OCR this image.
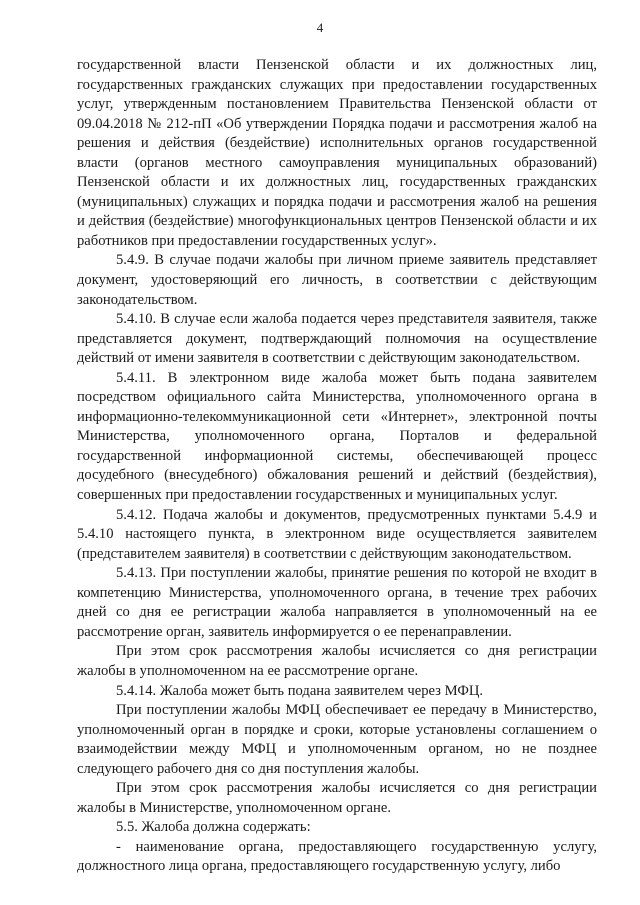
4

государственной власти Пензенской области и их должностных лиц, государственных гражданских служащих при предоставлении государственных услуг, утвержденным постановлением Правительства Пензенской области от 09.04.2018 № 212-пП «Об утверждении Порядка подачи и рассмотрения жалоб на решения и действия (бездействие) исполнительных органов государственной власти (органов местного самоуправления муниципальных образований) Пензенской области и их должностных лиц, государственных гражданских (муниципальных) служащих и порядка подачи и рассмотрения жалоб на решения и действия (бездействие) многофункциональных центров Пензенской области и их работников при предоставлении государственных услуг».

5.4.9. В случае подачи жалобы при личном приеме заявитель представляет документ, удостоверяющий его личность, в соответствии с действующим законодательством.

5.4.10. В случае если жалоба подается через представителя заявителя, также представляется документ, подтверждающий полномочия на осуществление действий от имени заявителя в соответствии с действующим законодательством.

5.4.11. В электронном виде жалоба может быть подана заявителем посредством официального сайта Министерства, уполномоченного органа в информационно-телекоммуникационной сети «Интернет», электронной почты Министерства, уполномоченного органа, Порталов и федеральной государственной информационной системы, обеспечивающей процесс досудебного (внесудебного) обжалования решений и действий (бездействия), совершенных при предоставлении государственных и муниципальных услуг.

5.4.12. Подача жалобы и документов, предусмотренных пунктами 5.4.9 и 5.4.10 настоящего пункта, в электронном виде осуществляется заявителем (представителем заявителя) в соответствии с действующим законодательством.

5.4.13. При поступлении жалобы, принятие решения по которой не входит в компетенцию Министерства, уполномоченного органа, в течение трех рабочих дней со дня ее регистрации жалоба направляется в уполномоченный на ее рассмотрение орган, заявитель информируется о ее перенаправлении.

При этом срок рассмотрения жалобы исчисляется со дня регистрации жалобы в уполномоченном на ее рассмотрение органе.

5.4.14. Жалоба может быть подана заявителем через МФЦ.

При поступлении жалобы МФЦ обеспечивает ее передачу в Министерство, уполномоченный орган в порядке и сроки, которые установлены соглашением о взаимодействии между МФЦ и уполномоченным органом, но не позднее следующего рабочего дня со дня поступления жалобы.

При этом срок рассмотрения жалобы исчисляется со дня регистрации жалобы в Министерстве, уполномоченном органе.

5.5. Жалоба должна содержать:

- наименование органа, предоставляющего государственную услугу, должностного лица органа, предоставляющего государственную услугу, либо
